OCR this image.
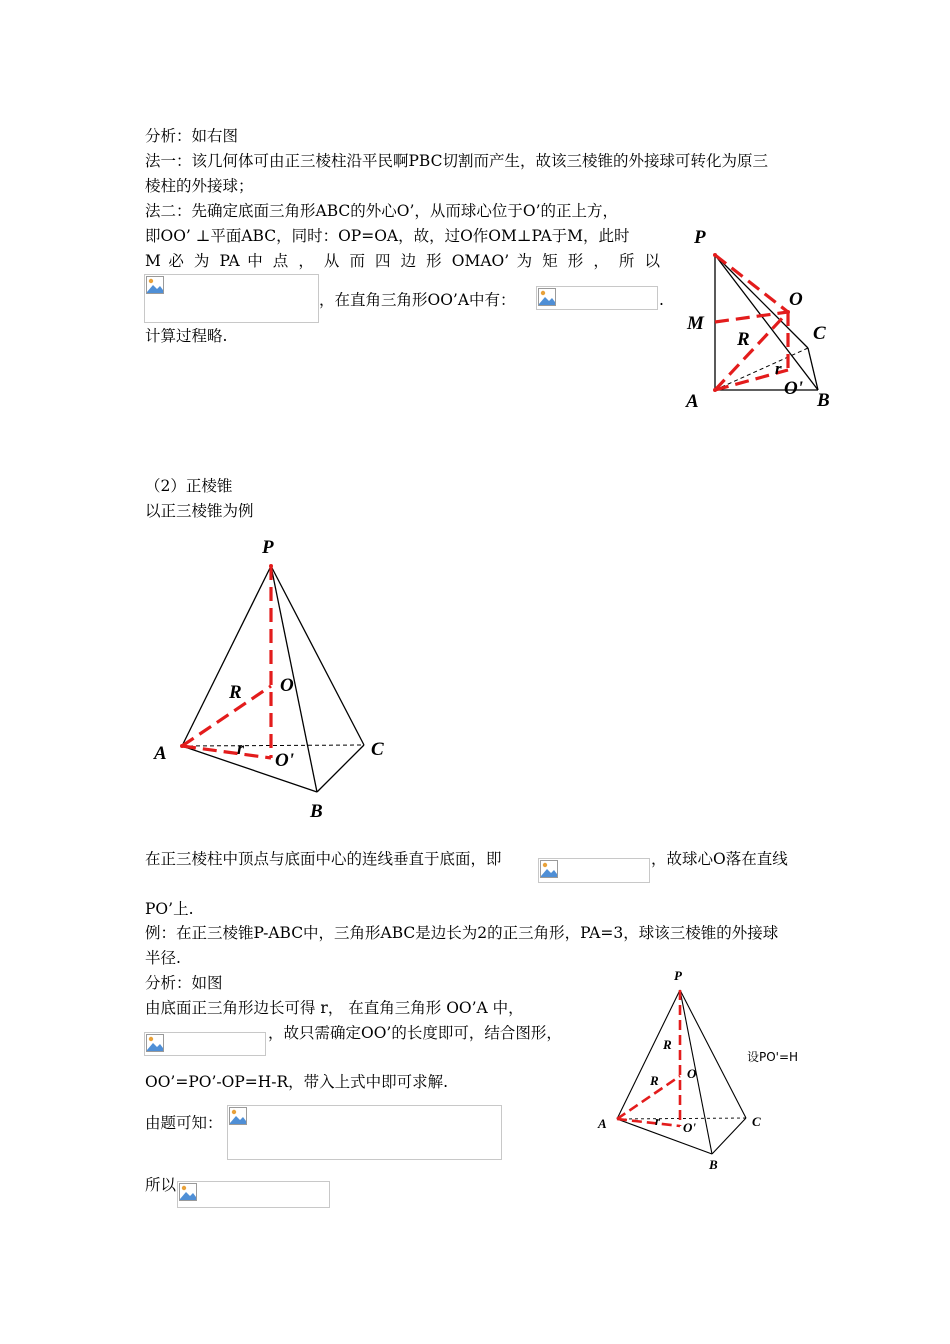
分析：如右图
法一：该几何体可由正三棱柱沿平民啊PBC切割而产生，故该三棱锥的外接球可转化为原三
棱柱的外接球；
法二：先确定底面三角形ABC的外心O’，从而球心位于O’的正上方，
即OO’ ⊥平面ABC，同时：OP=OA，故，过O作OM⊥PA于M，此时
M 必 为 PA 中 点 ， 从 而 四 边 形 OMAO’ 为 矩 形 ， 所 以
，在直角三角形OO’A中有：	.
计算过程略.
P
O
M	C
R
r
A
O'
B
（2）正棱锥
以正三棱锥为例
P
R O
A	r
O'
C
B
在正三棱柱中顶点与底面中心的连线垂直于底面，即	，故球心O落在直线
PO’上.
例：在正三棱锥P-ABC中，三角形ABC是边长为2的正三角形，PA=3，球该三棱锥的外接球
半径.
分析：如图
由底面正三角形边长可得 r， 在直角三角形 OO’A 中，
，故只需确定OO’的长度即可，结合图形，
OO’=PO’-OP=H-R，带入上式中即可求解.
由题可知：
所以
P
R
R O
A	r O'	C
B
设PO'=H
